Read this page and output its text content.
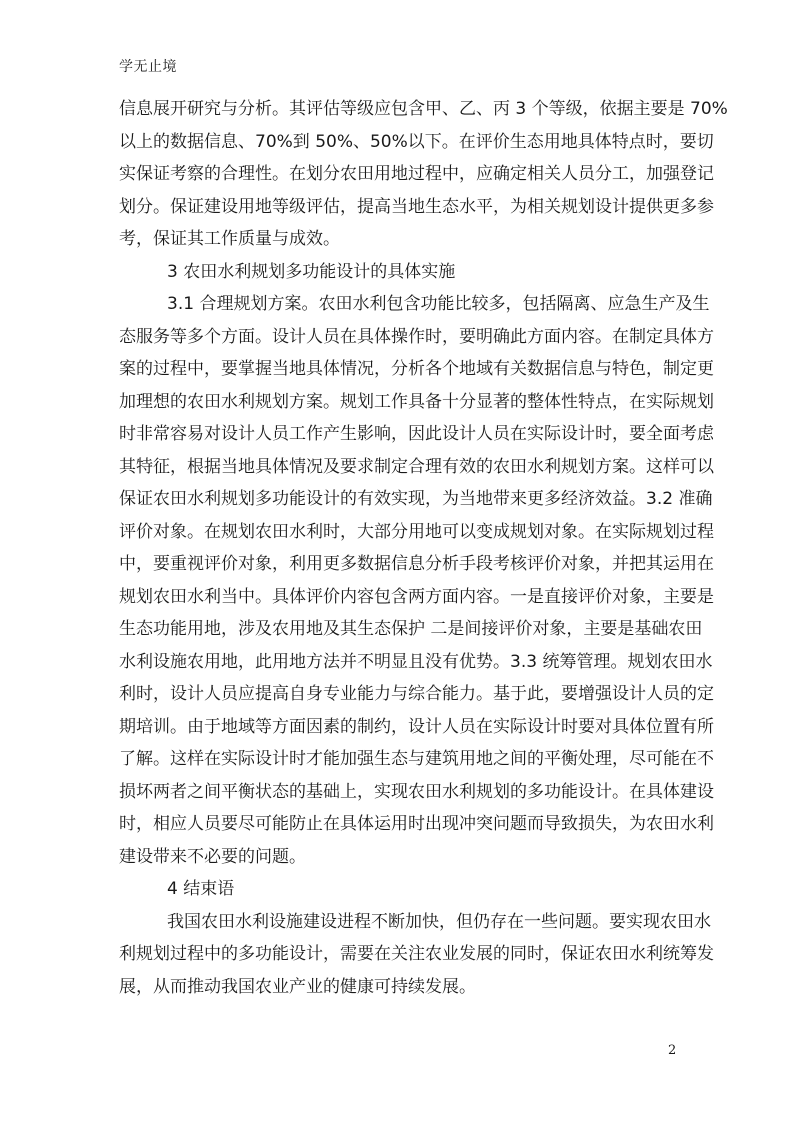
学无止境
信息展开研究与分析。其评估等级应包含甲、乙、丙 3 个等级，依据主要是 70%
以上的数据信息、70%到 50%、50%以下。在评价生态用地具体特点时，要切
实保证考察的合理性。在划分农田用地过程中，应确定相关人员分工，加强登记
划分。保证建设用地等级评估，提高当地生态水平，为相关规划设计提供更多参
考，保证其工作质量与成效。
3 农田水利规划多功能设计的具体实施
3.1 合理规划方案。农田水利包含功能比较多，包括隔离、应急生产及生
态服务等多个方面。设计人员在具体操作时，要明确此方面内容。在制定具体方
案的过程中，要掌握当地具体情况，分析各个地域有关数据信息与特色，制定更
加理想的农田水利规划方案。规划工作具备十分显著的整体性特点，在实际规划
时非常容易对设计人员工作产生影响，因此设计人员在实际设计时，要全面考虑
其特征，根据当地具体情况及要求制定合理有效的农田水利规划方案。这样可以
保证农田水利规划多功能设计的有效实现，为当地带来更多经济效益。3.2 准确
评价对象。在规划农田水利时，大部分用地可以变成规划对象。在实际规划过程
中，要重视评价对象，利用更多数据信息分析手段考核评价对象，并把其运用在
规划农田水利当中。具体评价内容包含两方面内容。一是直接评价对象，主要是
生态功能用地，涉及农用地及其生态保护 二是间接评价对象，主要是基础农田
水利设施农用地，此用地方法并不明显且没有优势。3.3 统筹管理。规划农田水
利时，设计人员应提高自身专业能力与综合能力。基于此，要增强设计人员的定
期培训。由于地域等方面因素的制约，设计人员在实际设计时要对具体位置有所
了解。这样在实际设计时才能加强生态与建筑用地之间的平衡处理，尽可能在不
损坏两者之间平衡状态的基础上，实现农田水利规划的多功能设计。在具体建设
时，相应人员要尽可能防止在具体运用时出现冲突问题而导致损失，为农田水利
建设带来不必要的问题。
4 结束语
我国农田水利设施建设进程不断加快，但仍存在一些问题。要实现农田水
利规划过程中的多功能设计，需要在关注农业发展的同时，保证农田水利统筹发
展，从而推动我国农业产业的健康可持续发展。
2
